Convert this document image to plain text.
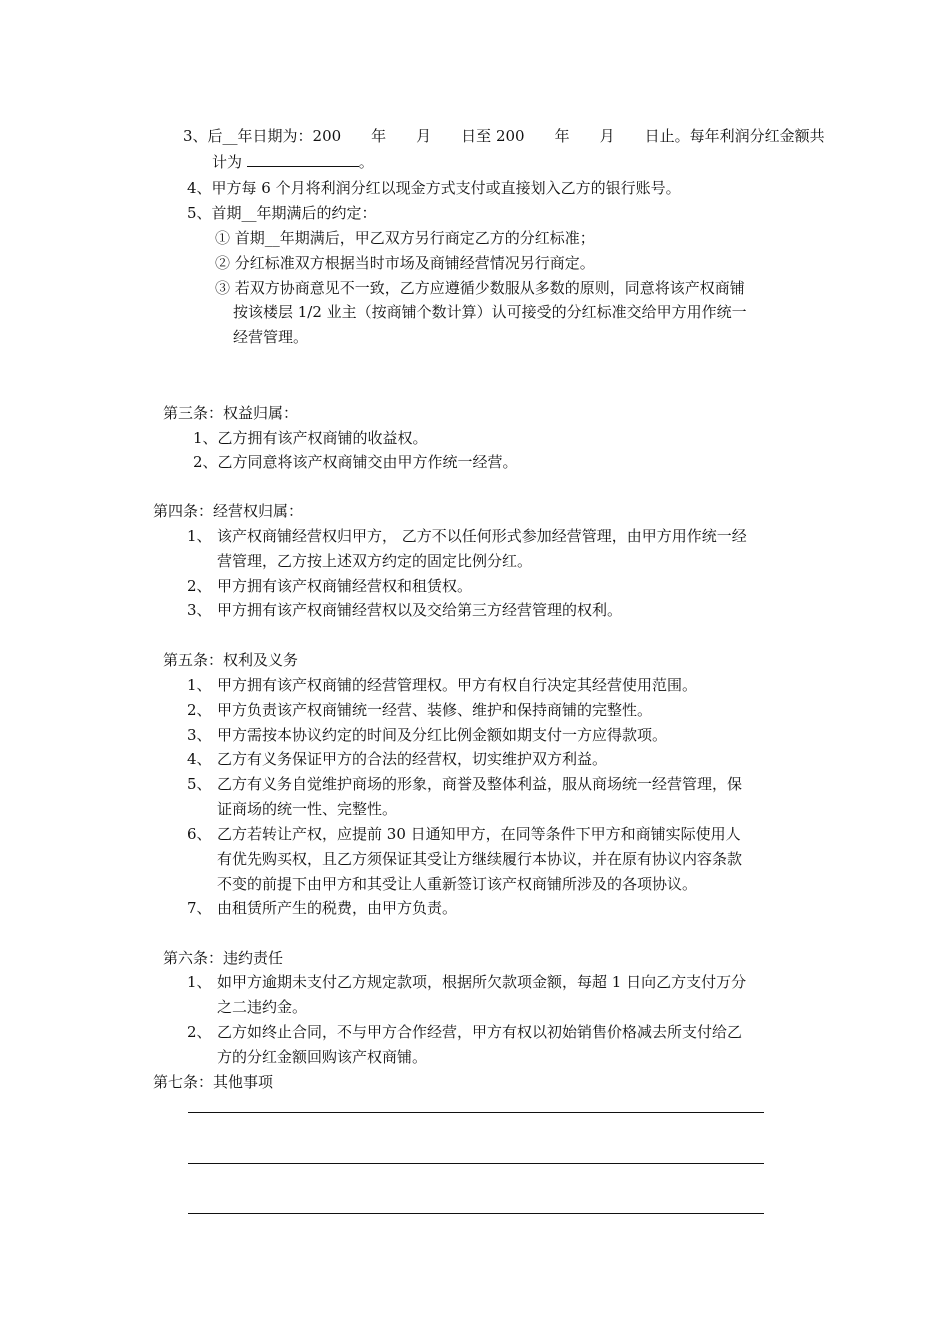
3、后__年日期为：200　　年　　月　　日至 200　　年　　月　　日止。每年利润分红金额共
计为	。
4、甲方每 6 个月将利润分红以现金方式支付或直接划入乙方的银行账号。
5、首期__年期满后的约定：
① 首期__年期满后，甲乙双方另行商定乙方的分红标准；
② 分红标准双方根据当时市场及商铺经营情况另行商定。
③ 若双方协商意见不一致，乙方应遵循少数服从多数的原则，同意将该产权商铺
按该楼层 1/2 业主（按商铺个数计算）认可接受的分红标准交给甲方用作统一
经营管理。
第三条：权益归属：
1、乙方拥有该产权商铺的收益权。
2、乙方同意将该产权商铺交由甲方作统一经营。
第四条：经营权归属：
1、 该产权商铺经营权归甲方， 乙方不以任何形式参加经营管理，由甲方用作统一经
营管理，乙方按上述双方约定的固定比例分红。
2、 甲方拥有该产权商铺经营权和租赁权。
3、 甲方拥有该产权商铺经营权以及交给第三方经营管理的权利。
第五条：权利及义务
1、 甲方拥有该产权商铺的经营管理权。甲方有权自行决定其经营使用范围。
2、 甲方负责该产权商铺统一经营、装修、维护和保持商铺的完整性。
3、 甲方需按本协议约定的时间及分红比例金额如期支付一方应得款项。
4、 乙方有义务保证甲方的合法的经营权，切实维护双方利益。
5、 乙方有义务自觉维护商场的形象，商誉及整体利益，服从商场统一经营管理，保
证商场的统一性、完整性。
6、 乙方若转让产权，应提前 30 日通知甲方，在同等条件下甲方和商铺实际使用人
有优先购买权，且乙方须保证其受让方继续履行本协议，并在原有协议内容条款
不变的前提下由甲方和其受让人重新签订该产权商铺所涉及的各项协议。
7、 由租赁所产生的税费，由甲方负责。
第六条：违约责任
1、 如甲方逾期未支付乙方规定款项，根据所欠款项金额，每超 1 日向乙方支付万分
之二违约金。
2、 乙方如终止合同，不与甲方合作经营，甲方有权以初始销售价格减去所支付给乙
方的分红金额回购该产权商铺。
第七条：其他事项
